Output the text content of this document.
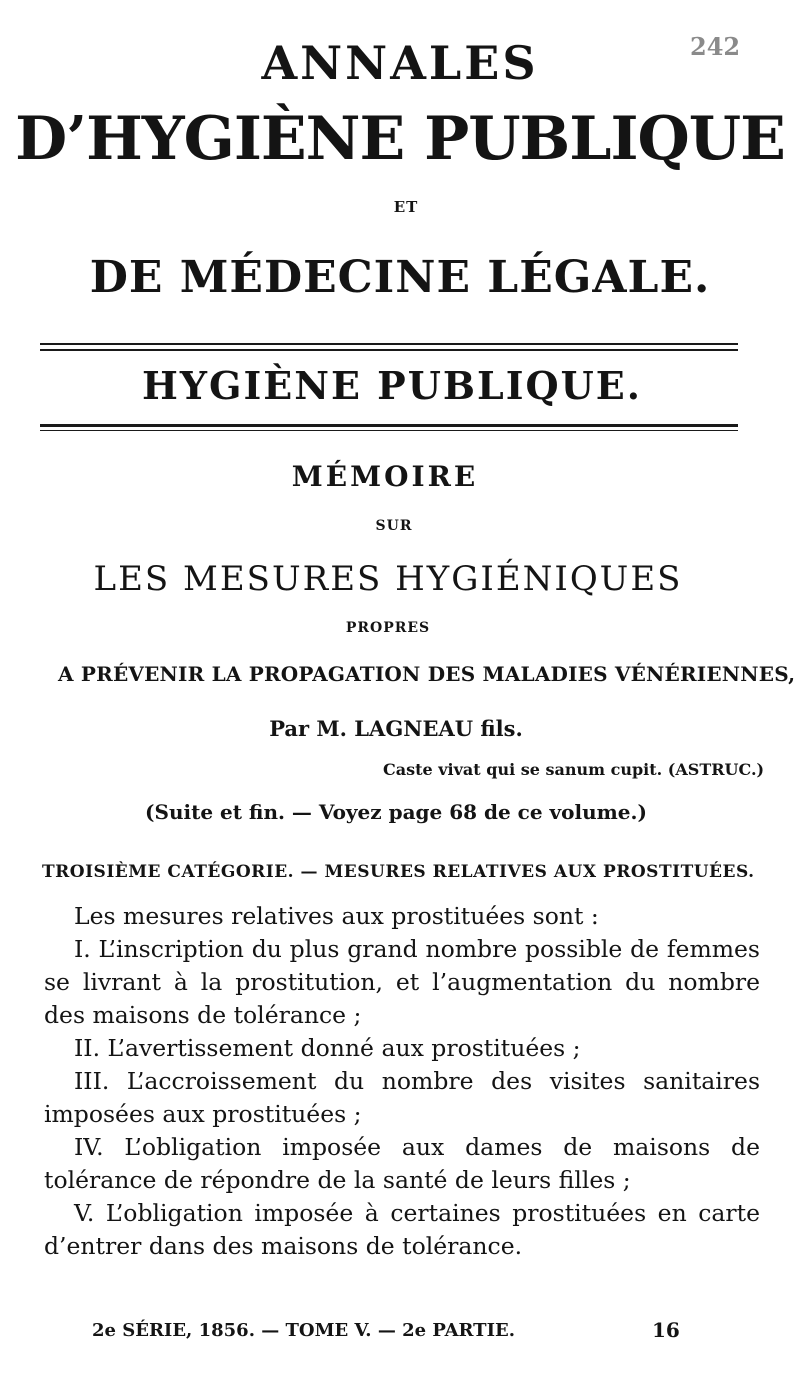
242
ANNALES
D’HYGIÈNE PUBLIQUE
ET
DE MÉDECINE LÉGALE.
HYGIÈNE PUBLIQUE.
MÉMOIRE
SUR
LES MESURES HYGIÉNIQUES
PROPRES
A PRÉVENIR LA PROPAGATION DES MALADIES VÉNÉRIENNES,
Par M. LAGNEAU fils.
Caste vivat qui se sanum cupit. (ASTRUC.)
(Suite et fin. — Voyez page 68 de ce volume.)
TROISIÈME CATÉGORIE. — MESURES RELATIVES AUX PROSTITUÉES.

Les mesures relatives aux prostituées sont :

I. L’inscription du plus grand nombre possible de femmes se livrant à la prostitution, et l’augmentation du nombre des maisons de tolérance ;

II. L’avertissement donné aux prostituées ;

III. L’accroissement du nombre des visites sanitaires imposées aux prostituées ;

IV. L’obligation imposée aux dames de maisons de tolérance de répondre de la santé de leurs filles ;

V. L’obligation imposée à certaines prostituées en carte d’entrer dans des maisons de tolérance.

2e SÉRIE, 1856. — TOME V. — 2e PARTIE.	16
